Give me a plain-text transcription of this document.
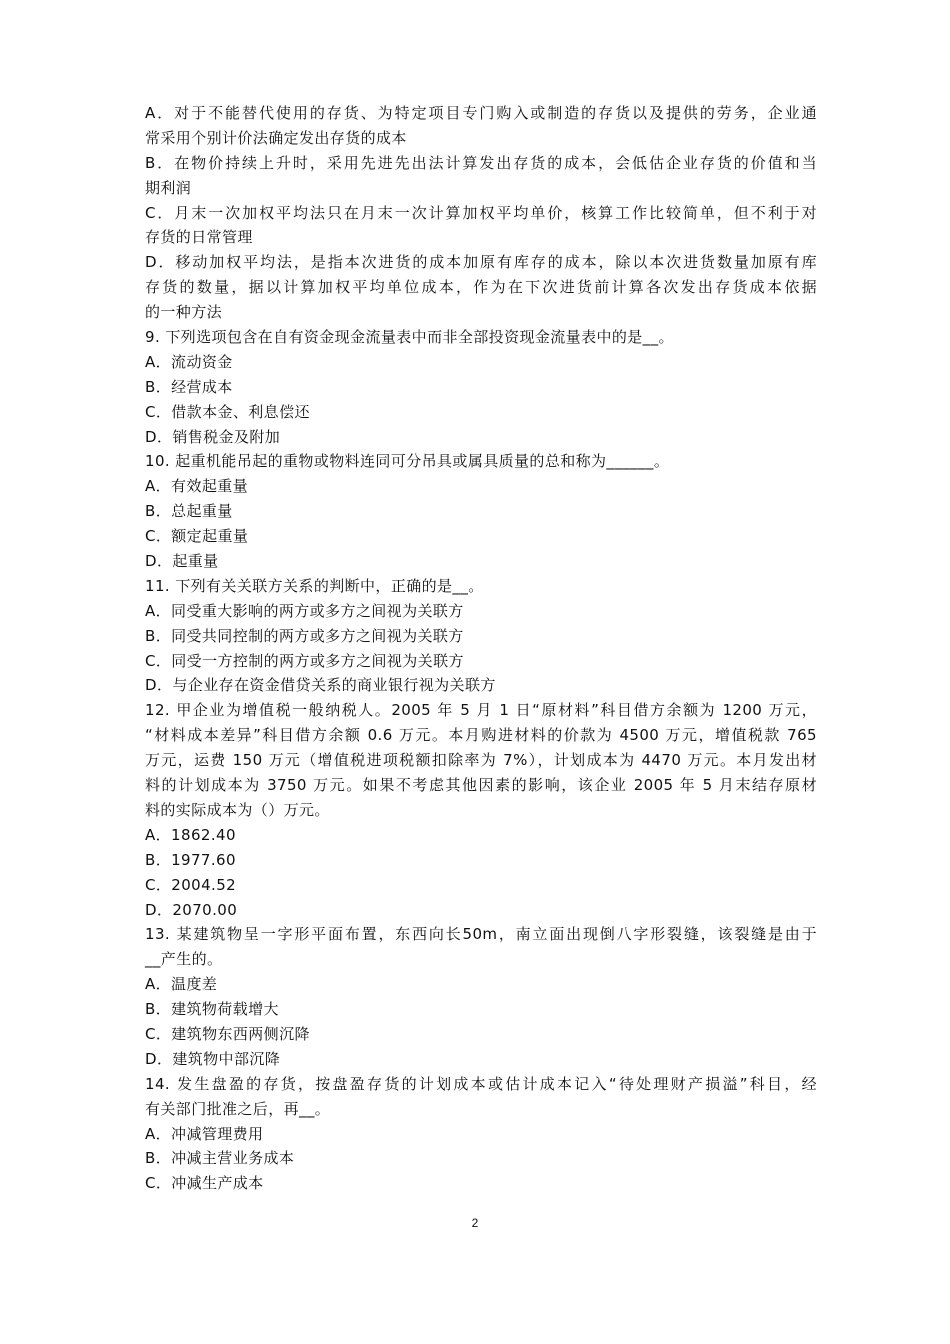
A．对于不能替代使用的存货、为特定项目专门购入或制造的存货以及提供的劳务，企业通
常采用个别计价法确定发出存货的成本
B．在物价持续上升时，采用先进先出法计算发出存货的成本，会低估企业存货的价值和当
期利润
C．月末一次加权平均法只在月末一次计算加权平均单价，核算工作比较简单，但不利于对
存货的日常管理
D．移动加权平均法，是指本次进货的成本加原有库存的成本，除以本次进货数量加原有库
存货的数量，据以计算加权平均单位成本，作为在下次进货前计算各次发出存货成本依据
的一种方法
9. 下列选项包含在自有资金现金流量表中而非全部投资现金流量表中的是__。
A．流动资金
B．经营成本
C．借款本金、利息偿还
D．销售税金及附加
10. 起重机能吊起的重物或物料连同可分吊具或属具质量的总和称为______。
A．有效起重量
B．总起重量
C．额定起重量
D．起重量
11. 下列有关关联方关系的判断中，正确的是__。
A．同受重大影响的两方或多方之间视为关联方
B．同受共同控制的两方或多方之间视为关联方
C．同受一方控制的两方或多方之间视为关联方
D．与企业存在资金借贷关系的商业银行视为关联方
12. 甲企业为增值税一般纳税人。2005 年 5 月 1 日“原材料”科目借方余额为 1200 万元，
“材料成本差异”科目借方余额 0.6 万元。本月购进材料的价款为 4500 万元，增值税款 765
万元，运费 150 万元（增值税进项税额扣除率为 7%），计划成本为 4470 万元。本月发出材
料的计划成本为 3750 万元。如果不考虑其他因素的影响，该企业 2005 年 5 月末结存原材
料的实际成本为（）万元。
A．1862.40
B．1977.60
C．2004.52
D．2070.00
13. 某建筑物呈一字形平面布置，东西向长50m，南立面出现倒八字形裂缝，该裂缝是由于
__产生的。
A．温度差
B．建筑物荷载增大
C．建筑物东西两侧沉降
D．建筑物中部沉降
14. 发生盘盈的存货，按盘盈存货的计划成本或估计成本记入“待处理财产损溢”科目，经
有关部门批准之后，再__。
A．冲减管理费用
B．冲减主营业务成本
C．冲减生产成本
2
